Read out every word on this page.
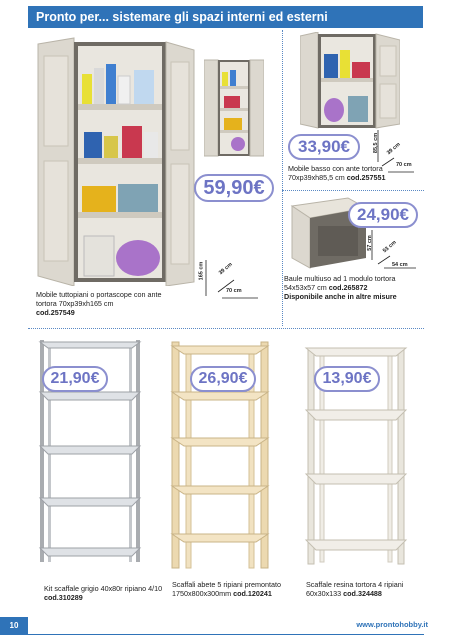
Pronto per... sistemare gli spazi interni ed esterni
59,90€
165 cm 39 cm
70 cm
Mobile tuttopiani o portascope con ante tortora 70xp39xh165 cm
cod.257549
33,90€	85,5 cm 39 cm
70 cm
Mobile basso con ante tortora 70xp39xh85,5 cm cod.257551
24,90€
57 cm 53 cm
54 cm
Baule multiuso ad 1 modulo tortora 54x53x57 cm cod.265872
Disponibile anche in altre misure
21,90€
Kit scaffale grigio 40x80r ripiano 4/10 cod.310289
26,90€
Scaffali abete 5 ripiani premontato 1750x800x300mm cod.120241
13,90€
Scaffale resina tortora 4 ripiani 60x30x133 cod.324488
10	www.prontohobby.it
